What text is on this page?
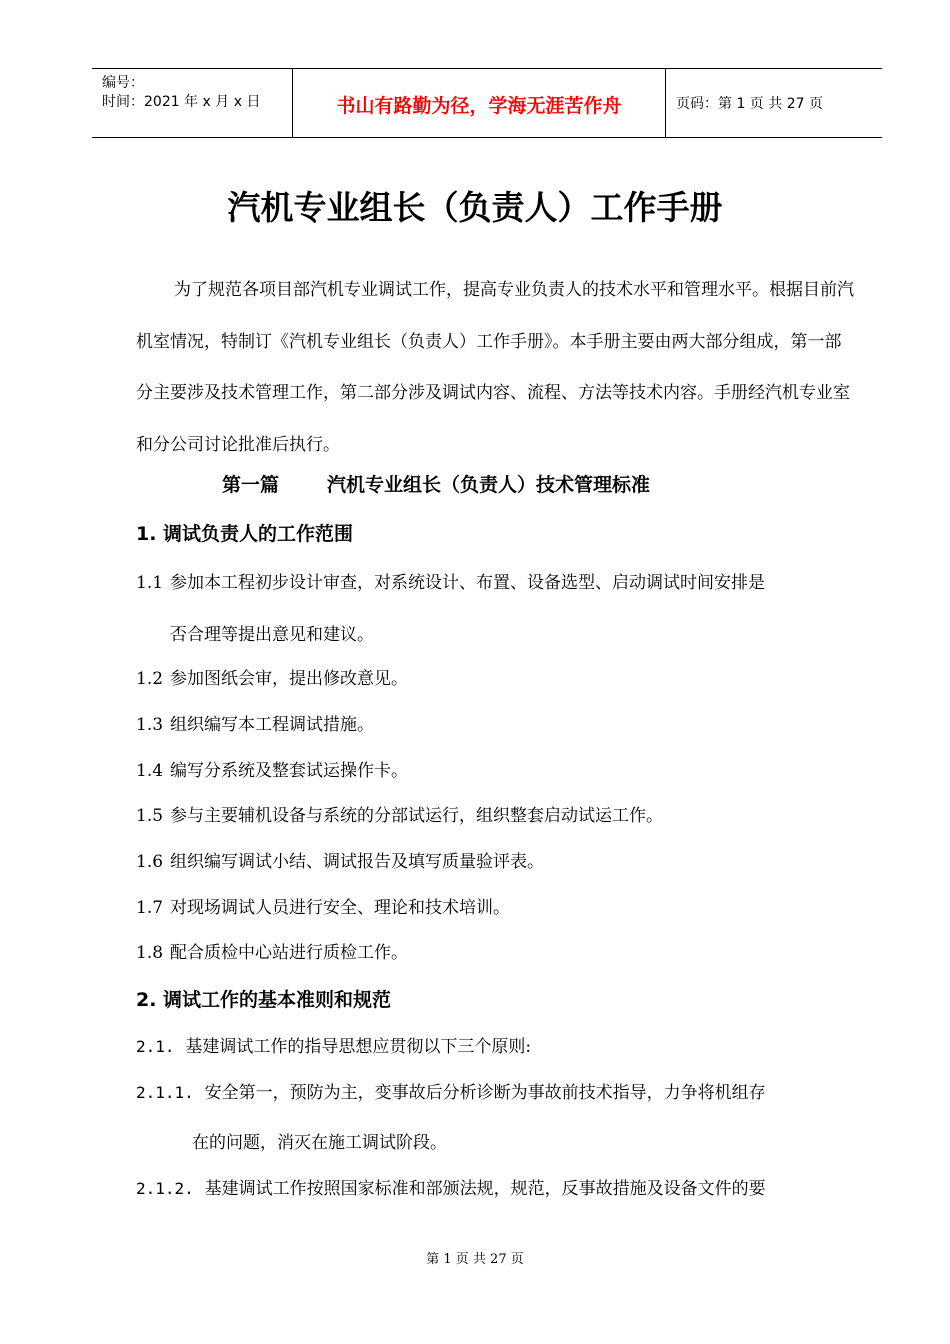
编号：
时间：2021 年 x 月 x 日	书山有路勤为径，学海无涯苦作舟	页码：第 1 页 共 27 页
汽机专业组长（负责人）工作手册

为了规范各项目部汽机专业调试工作，提高专业负责人的技术水平和管理水平。根据目前汽机室情况，特制订《汽机专业组长（负责人）工作手册》。本手册主要由两大部分组成，第一部分主要涉及技术管理工作，第二部分涉及调试内容、流程、方法等技术内容。手册经汽机专业室和分公司讨论批准后执行。

第一篇	汽机专业组长（负责人）技术管理标准
1. 调试负责人的工作范围
1.1 参加本工程初步设计审查，对系统设计、布置、设备选型、启动调试时间安排是
否合理等提出意见和建议。
1.2 参加图纸会审，提出修改意见。
1.3 组织编写本工程调试措施。
1.4 编写分系统及整套试运操作卡。
1.5 参与主要辅机设备与系统的分部试运行，组织整套启动试运工作。
1.6 组织编写调试小结、调试报告及填写质量验评表。
1.7 对现场调试人员进行安全、理论和技术培训。
1.8 配合质检中心站进行质检工作。
2. 调试工作的基本准则和规范
2.1. 基建调试工作的指导思想应贯彻以下三个原则:
2.1.1. 安全第一，预防为主，变事故后分析诊断为事故前技术指导，力争将机组存
在的问题，消灭在施工调试阶段。
2.1.2. 基建调试工作按照国家标准和部颁法规，规范，反事故措施及设备文件的要
第 1 页 共 27 页
